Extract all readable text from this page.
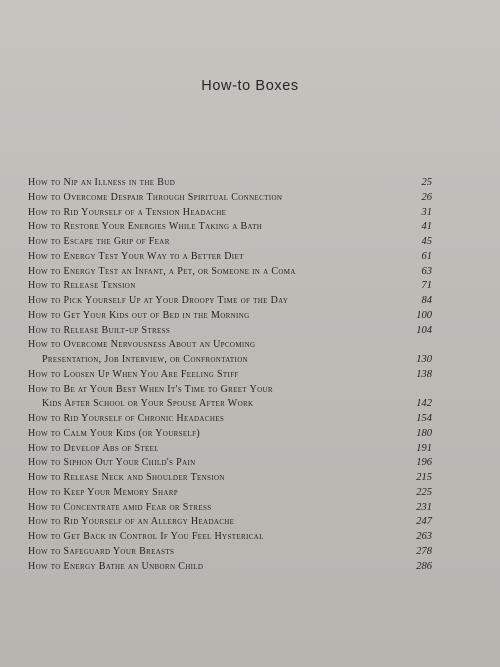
How-to Boxes
How to Nip an Illness in the Bud	25
How to Overcome Despair Through Spiritual Connection	26
How to Rid Yourself of a Tension Headache	31
How to Restore Your Energies While Taking a Bath	41
How to Escape the Grip of Fear	45
How to Energy Test Your Way to a Better Diet	61
How to Energy Test an Infant, a Pet, or Someone in a Coma	63
How to Release Tension	71
How to Pick Yourself Up at Your Droopy Time of the Day	84
How to Get Your Kids out of Bed in the Morning	100
How to Release Built-up Stress	104
How to Overcome Nervousness About an Upcoming
Presentation, Job Interview, or Confrontation	130
How to Loosen Up When You Are Feeling Stiff	138
How to Be at Your Best When It's Time to Greet Your
Kids After School or Your Spouse After Work	142
How to Rid Yourself of Chronic Headaches	154
How to Calm Your Kids (or Yourself)	180
How to Develop Abs of Steel	191
How to Siphon Out Your Child's Pain	196
How to Release Neck and Shoulder Tension	215
How to Keep Your Memory Sharp	225
How to Concentrate amid Fear or Stress	231
How to Rid Yourself of an Allergy Headache	247
How to Get Back in Control If You Feel Hysterical	263
How to Safeguard Your Breasts	278
How to Energy Bathe an Unborn Child	286
